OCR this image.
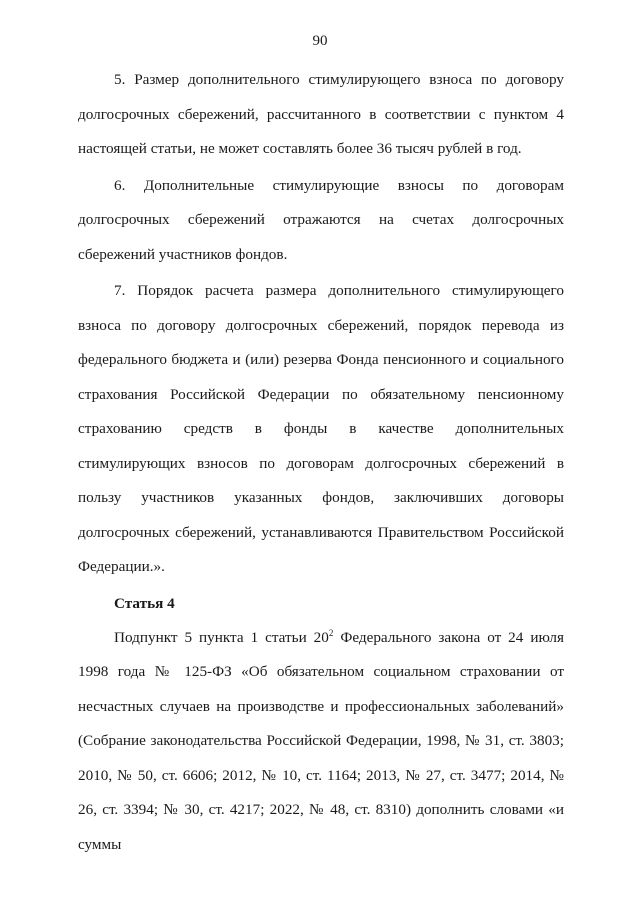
90

5. Размер дополнительного стимулирующего взноса по договору долгосрочных сбережений, рассчитанного в соответствии с пунктом 4 настоящей статьи, не может составлять более 36 тысяч рублей в год.

6. Дополнительные стимулирующие взносы по договорам долгосрочных сбережений отражаются на счетах долгосрочных сбережений участников фондов.

7. Порядок расчета размера дополнительного стимулирующего взноса по договору долгосрочных сбережений, порядок перевода из федерального бюджета и (или) резерва Фонда пенсионного и социального страхования Российской Федерации по обязательному пенсионному страхованию средств в фонды в качестве дополнительных стимулирующих взносов по договорам долгосрочных сбережений в пользу участников указанных фондов, заключивших договоры долгосрочных сбережений, устанавливаются Правительством Российской Федерации.».

Статья 4

Подпункт 5 пункта 1 статьи $20^2$ Федерального закона от 24 июля 1998 года № 125-ФЗ «Об обязательном социальном страховании от несчастных случаев на производстве и профессиональных заболеваний» (Собрание законодательства Российской Федерации, 1998, № 31, ст. 3803; 2010, № 50, ст. 6606; 2012, № 10, ст. 1164; 2013, № 27, ст. 3477; 2014, № 26, ст. 3394; № 30, ст. 4217; 2022, № 48, ст. 8310) дополнить словами «и суммы
